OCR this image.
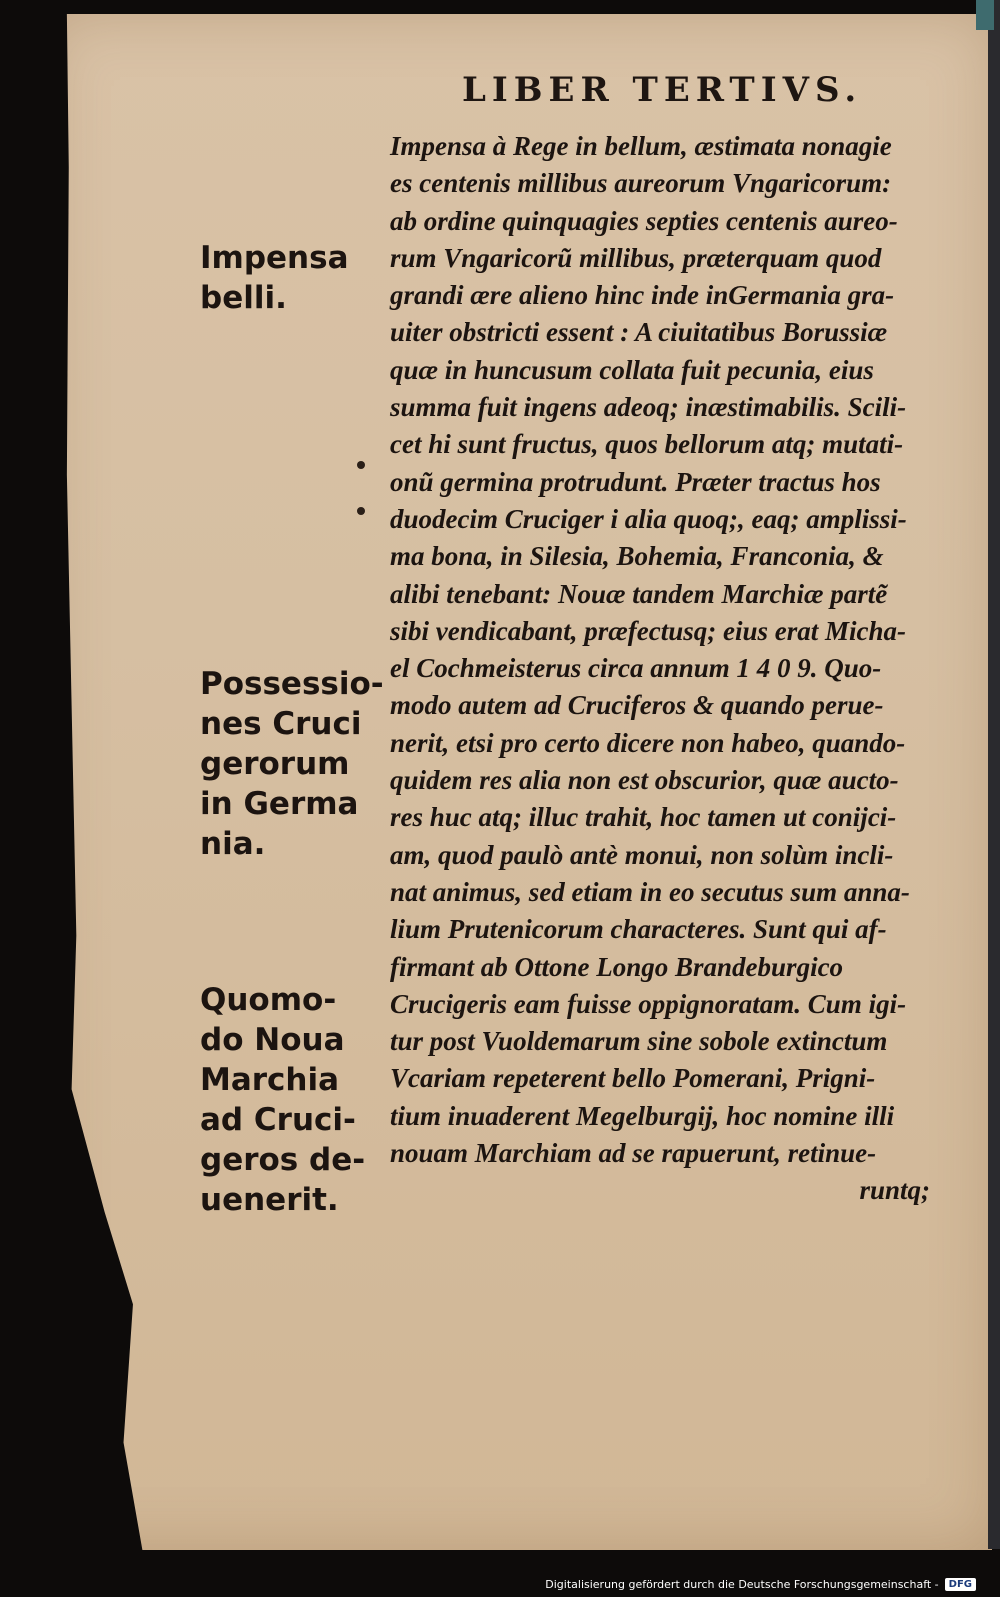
LIBER TERTIVS.
Impensa
belli.
Possessio-
nes Cruci
gerorum
in Germa
nia.
Quomo-
do Noua
Marchia
ad Cruci-
geros de-
uenerit.
Impensa à Rege in bellum, æstimata nonagie
es centenis millibus aureorum Vngaricorum:
ab ordine quinquagies septies centenis aureo-
rum Vngaricorũ millibus, præterquam quod
grandi ære alieno hinc inde inGermania gra-
uiter obstricti essent : A ciuitatibus Borussiæ
quæ in huncusum collata fuit pecunia, eius
summa fuit ingens adeoq; inæstimabilis. Scili-
cet hi sunt fructus, quos bellorum atq; mutati-
onũ germina protrudunt. Præter tractus hos
duodecim Cruciger i alia quoq;, eaq; amplissi-
ma bona, in Silesia, Bohemia, Franconia, &
alibi tenebant: Nouæ tandem Marchiæ partẽ
sibi vendicabant, præfectusq; eius erat Micha-
el Cochmeisterus circa annum 1 4 0 9. Quo-
modo autem ad Cruciferos & quando perue-
nerit, etsi pro certo dicere non habeo, quando-
quidem res alia non est obscurior, quæ aucto-
res huc atq; illuc trahit, hoc tamen ut conijci-
am, quod paulò antè monui, non solùm incli-
nat animus, sed etiam in eo secutus sum anna-
lium Prutenicorum characteres. Sunt qui af-
firmant ab Ottone Longo Brandeburgico
Crucigeris eam fuisse oppignoratam. Cum igi-
tur post Vuoldemarum sine sobole extinctum
Vcariam repeterent bello Pomerani, Prigni-
tium inuaderent Megelburgij, hoc nomine illi
nouam Marchiam ad se rapuerunt, retinue-
runtq;
Digitalisierung gefördert durch die Deutsche Forschungsgemeinschaft -	DFG
